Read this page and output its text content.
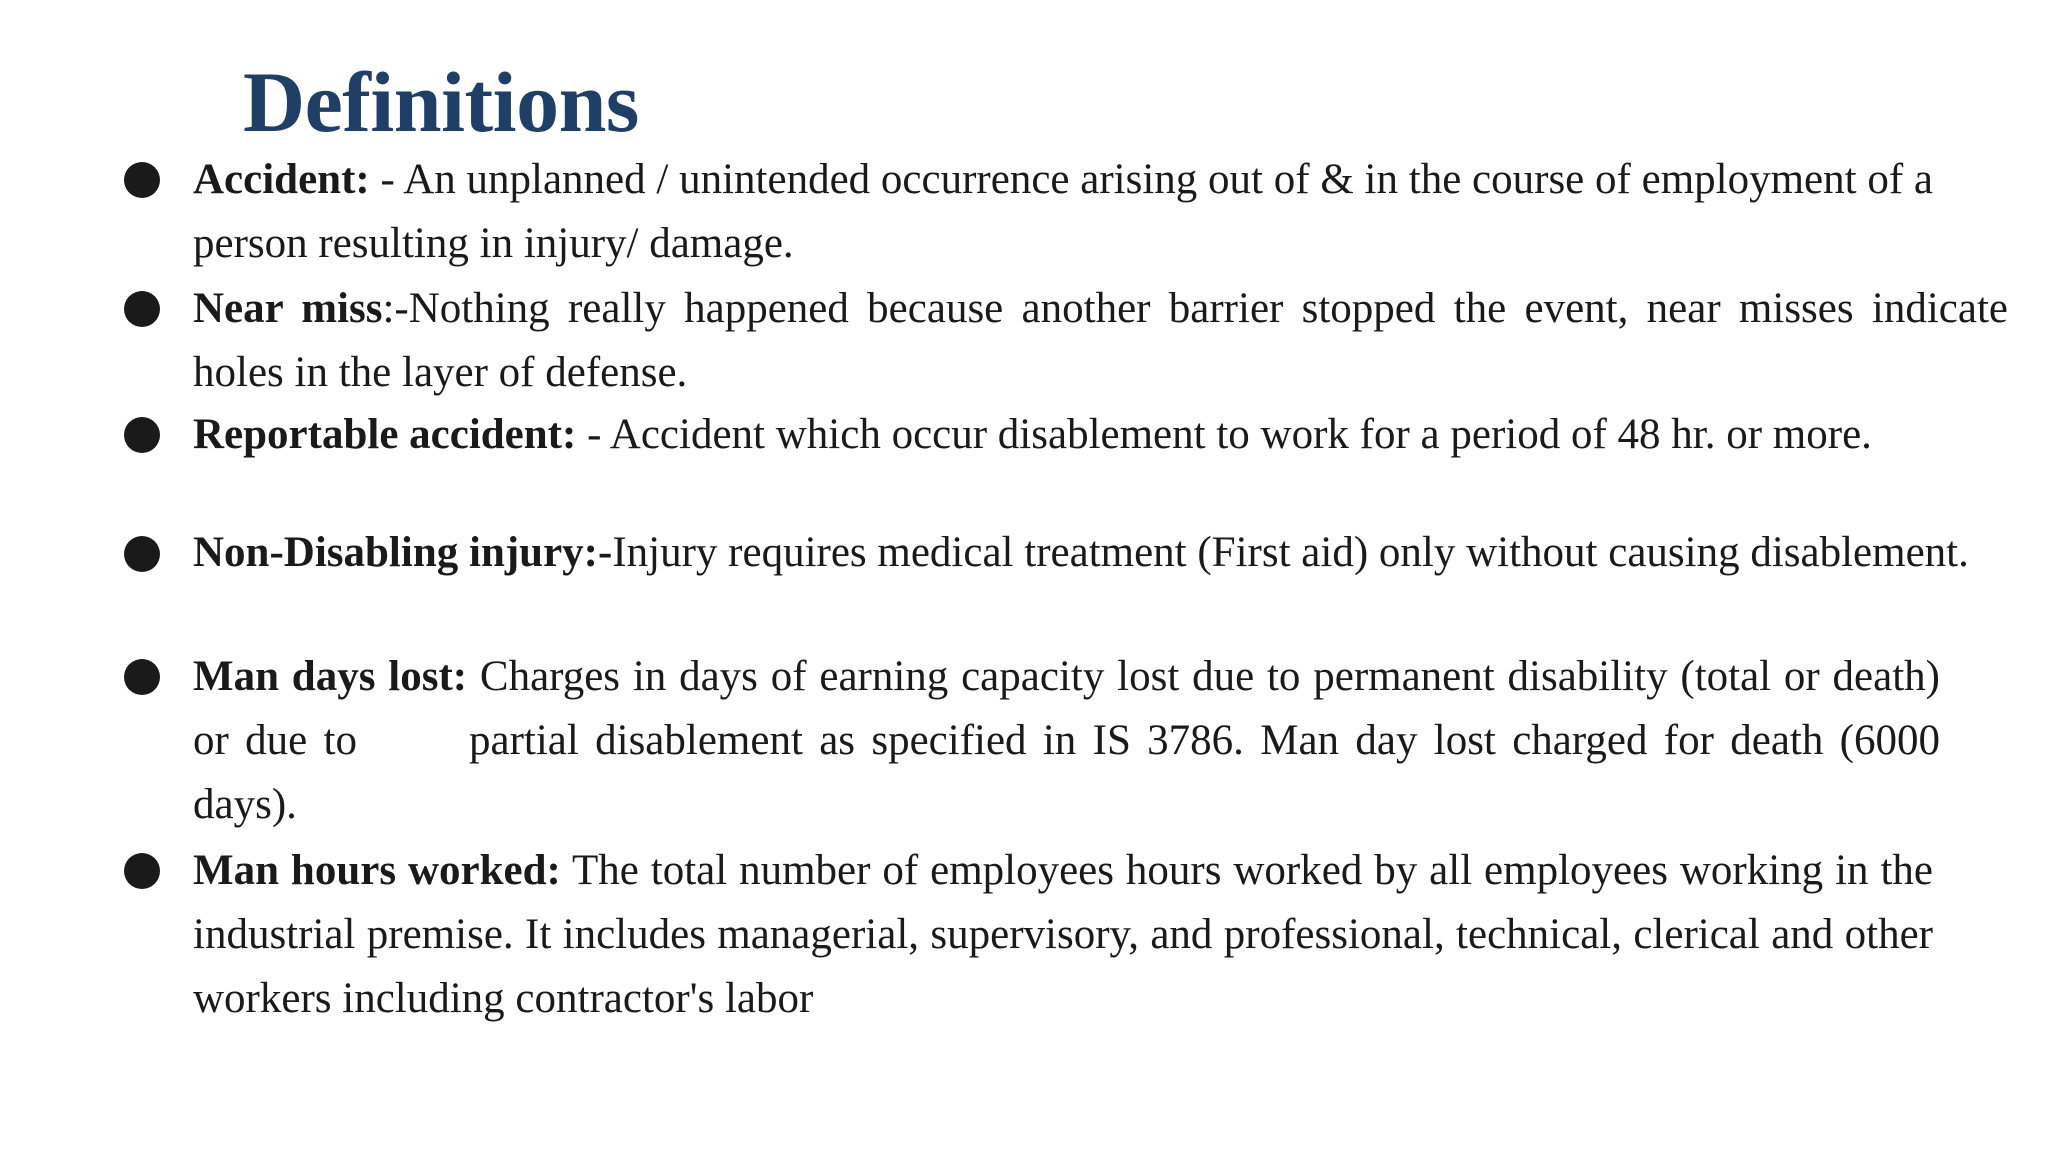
Definitions

Accident: - An unplanned / unintended occurrence arising out of & in the course of employment of a person resulting in injury/ damage.

Near miss:-Nothing really happened because another barrier stopped the event, near misses indicate holes in the layer of defense.

Reportable accident: - Accident which occur disablement to work for a period of 48 hr. or more.

Non-Disabling injury:-Injury requires medical treatment (First aid) only without causing disablement.

Man days lost: Charges in days of earning capacity lost due to permanent disability (total or death) or due to	partial disablement as specified in IS 3786. Man day lost charged for death (6000 days).

Man hours worked: The total number of employees hours worked by all employees working in the industrial premise. It includes managerial, supervisory, and professional, technical, clerical and other workers including contractor's labor
